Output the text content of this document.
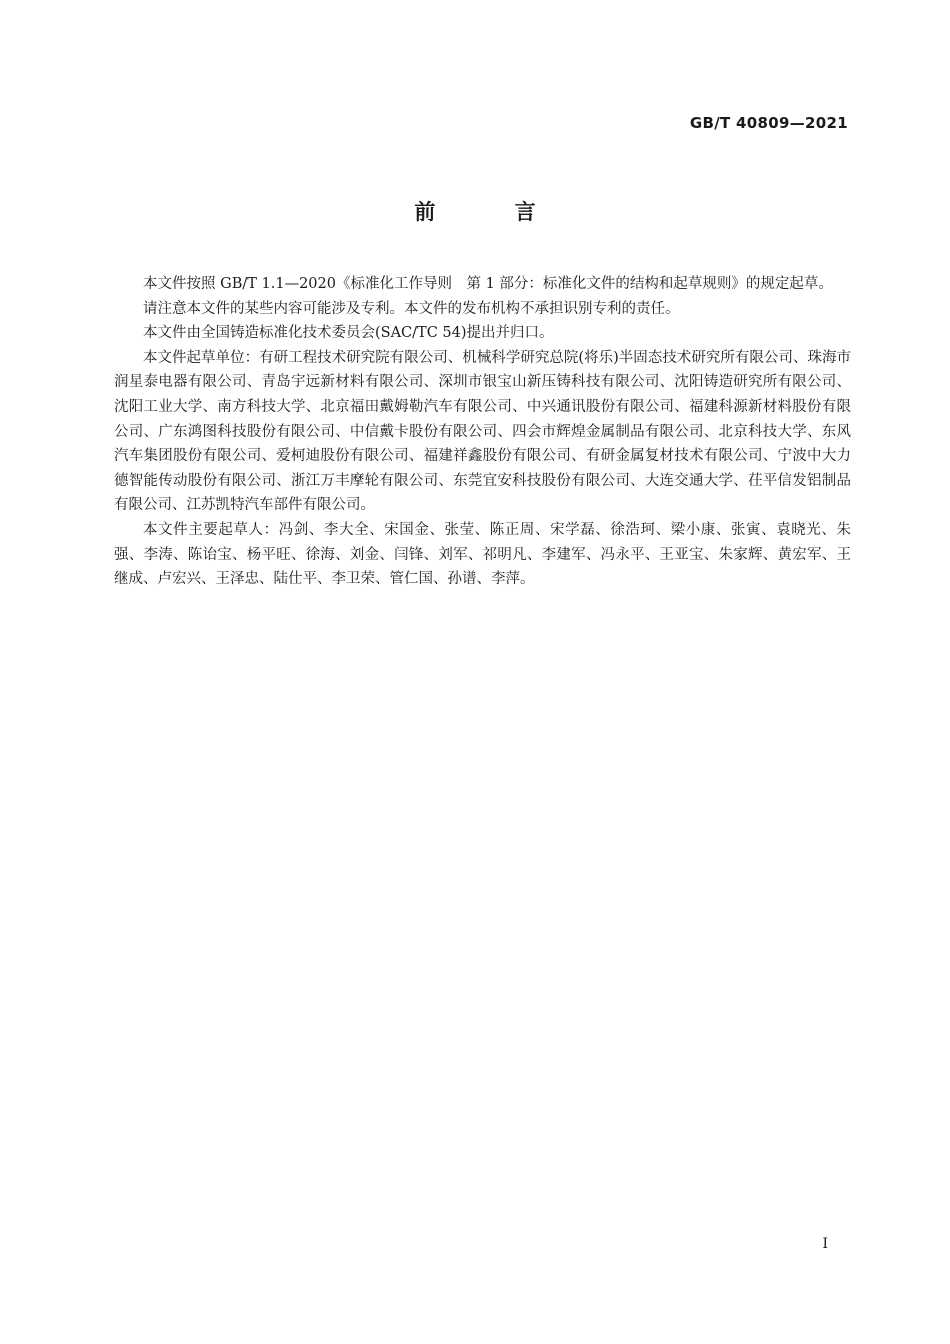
GB/T 40809—2021
前 言

本文件按照 GB/T 1.1—2020《标准化工作导则　第 1 部分：标准化文件的结构和起草规则》的规定起草。

请注意本文件的某些内容可能涉及专利。本文件的发布机构不承担识别专利的责任。

本文件由全国铸造标准化技术委员会(SAC/TC 54)提出并归口。

本文件起草单位：有研工程技术研究院有限公司、机械科学研究总院(将乐)半固态技术研究所有限公司、珠海市润星泰电器有限公司、青岛宇远新材料有限公司、深圳市银宝山新压铸科技有限公司、沈阳铸造研究所有限公司、沈阳工业大学、南方科技大学、北京福田戴姆勒汽车有限公司、中兴通讯股份有限公司、福建科源新材料股份有限公司、广东鸿图科技股份有限公司、中信戴卡股份有限公司、四会市辉煌金属制品有限公司、北京科技大学、东风汽车集团股份有限公司、爱柯迪股份有限公司、福建祥鑫股份有限公司、有研金属复材技术有限公司、宁波中大力德智能传动股份有限公司、浙江万丰摩轮有限公司、东莞宜安科技股份有限公司、大连交通大学、茌平信发铝制品有限公司、江苏凯特汽车部件有限公司。

本文件主要起草人：冯剑、李大全、宋国金、张莹、陈正周、宋学磊、徐浩珂、梁小康、张寅、袁晓光、朱强、李涛、陈诒宝、杨平旺、徐海、刘金、闫锋、刘军、祁明凡、李建军、冯永平、王亚宝、朱家辉、黄宏军、王继成、卢宏兴、王泽忠、陆仕平、李卫荣、管仁国、孙谱、李萍。

I
